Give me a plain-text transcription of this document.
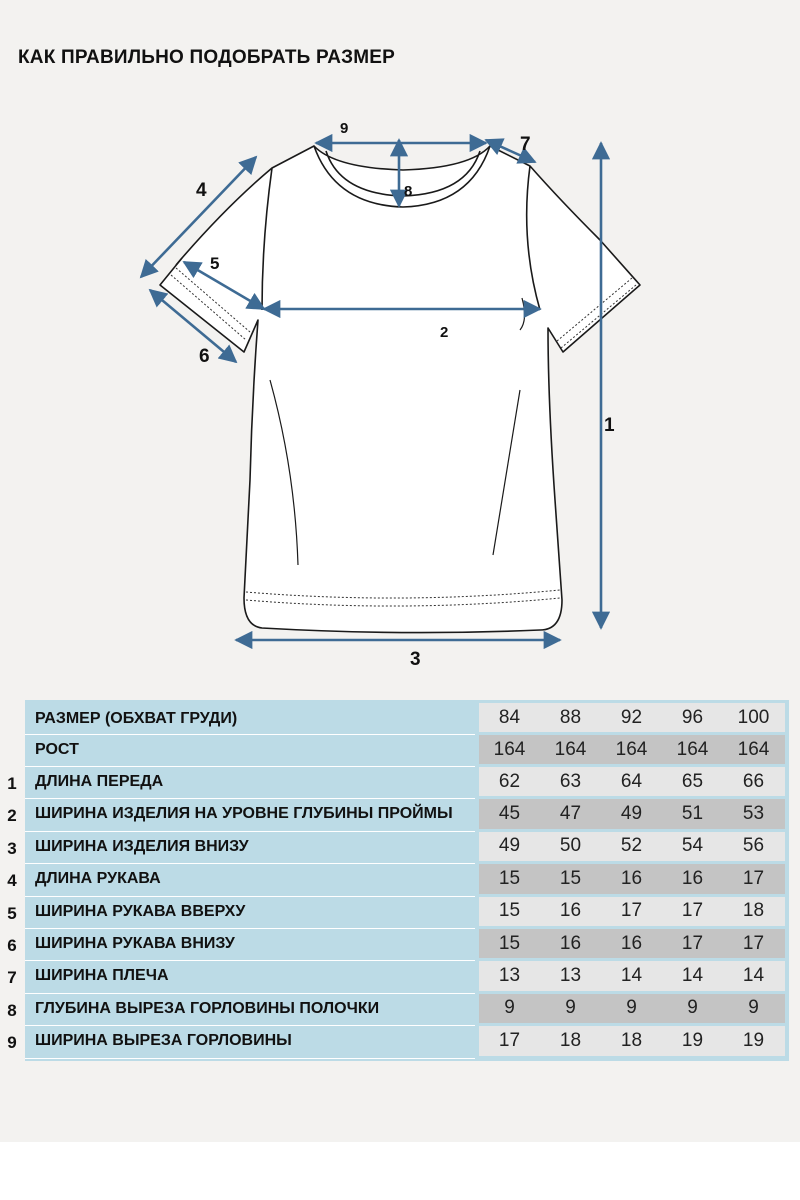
КАК ПРАВИЛЬНО ПОДОБРАТЬ РАЗМЕР
1
2
3
4
5
6
7
8
9
РАЗМЕР (ОБХВАТ ГРУДИ)	84	88	92	96	100
РОСТ	164	164	164	164	164
1 ДЛИНА ПЕРЕДА	62	63	64	65	66
2 ШИРИНА ИЗДЕЛИЯ НА УРОВНЕ ГЛУБИНЫ ПРОЙМЫ	45	47	49	51	53
3 ШИРИНА ИЗДЕЛИЯ ВНИЗУ	49	50	52	54	56
4 ДЛИНА РУКАВА	15	15	16	16	17
5 ШИРИНА РУКАВА ВВЕРХУ	15	16	17	17	18
6 ШИРИНА РУКАВА ВНИЗУ	15	16	16	17	17
7 ШИРИНА ПЛЕЧА	13	13	14	14	14
8 ГЛУБИНА ВЫРЕЗА ГОРЛОВИНЫ ПОЛОЧКИ	9	9	9	9	9
9 ШИРИНА ВЫРЕЗА ГОРЛОВИНЫ	17	18	18	19	19
